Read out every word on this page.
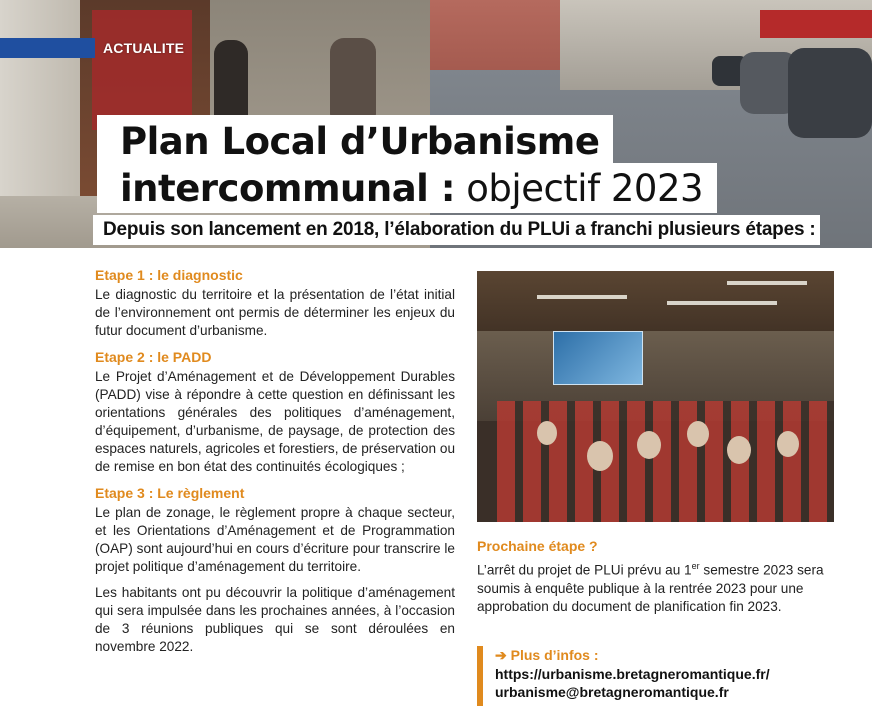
ACTUALITE
Plan Local d’Urbanisme
intercommunal : objectif 2023
Depuis son lancement en 2018, l’élaboration du PLUi a franchi plusieurs étapes :
Etape 1 : le diagnostic

Le diagnostic du territoire et la présentation de l’état initial de l’environnement ont permis de déterminer les enjeux du futur document d’urbanisme.

Etape 2 : le PADD

Le Projet d’Aménagement et de Développement Durables (PADD) vise à répondre à cette question en définissant les orientations générales des politiques d’aménagement, d’équipement, d’urbanisme, de paysage, de protection des espaces naturels, agricoles et forestiers, de préservation ou de remise en bon état des continuités écologiques ;

Etape 3 : Le règlement

Le plan de zonage, le règlement propre à chaque secteur, et les Orientations d’Aménagement et de Programmation (OAP) sont aujourd’hui en cours d’écriture pour transcrire le projet politique d’aménagement du territoire.

Les habitants ont pu découvrir la politique d’aménagement qui sera impulsée dans les prochaines années, à l’occasion de 3 réunions publiques qui se sont déroulées en novembre 2022.

Prochaine étape ?
L’arrêt du projet de PLUi prévu au 1er semestre 2023 sera soumis à enquête publique à la rentrée 2023 pour une approbation du document de planification fin 2023.
➔ Plus d’infos :
https://urbanisme.bretagneromantique.fr/
urbanisme@bretagneromantique.fr
